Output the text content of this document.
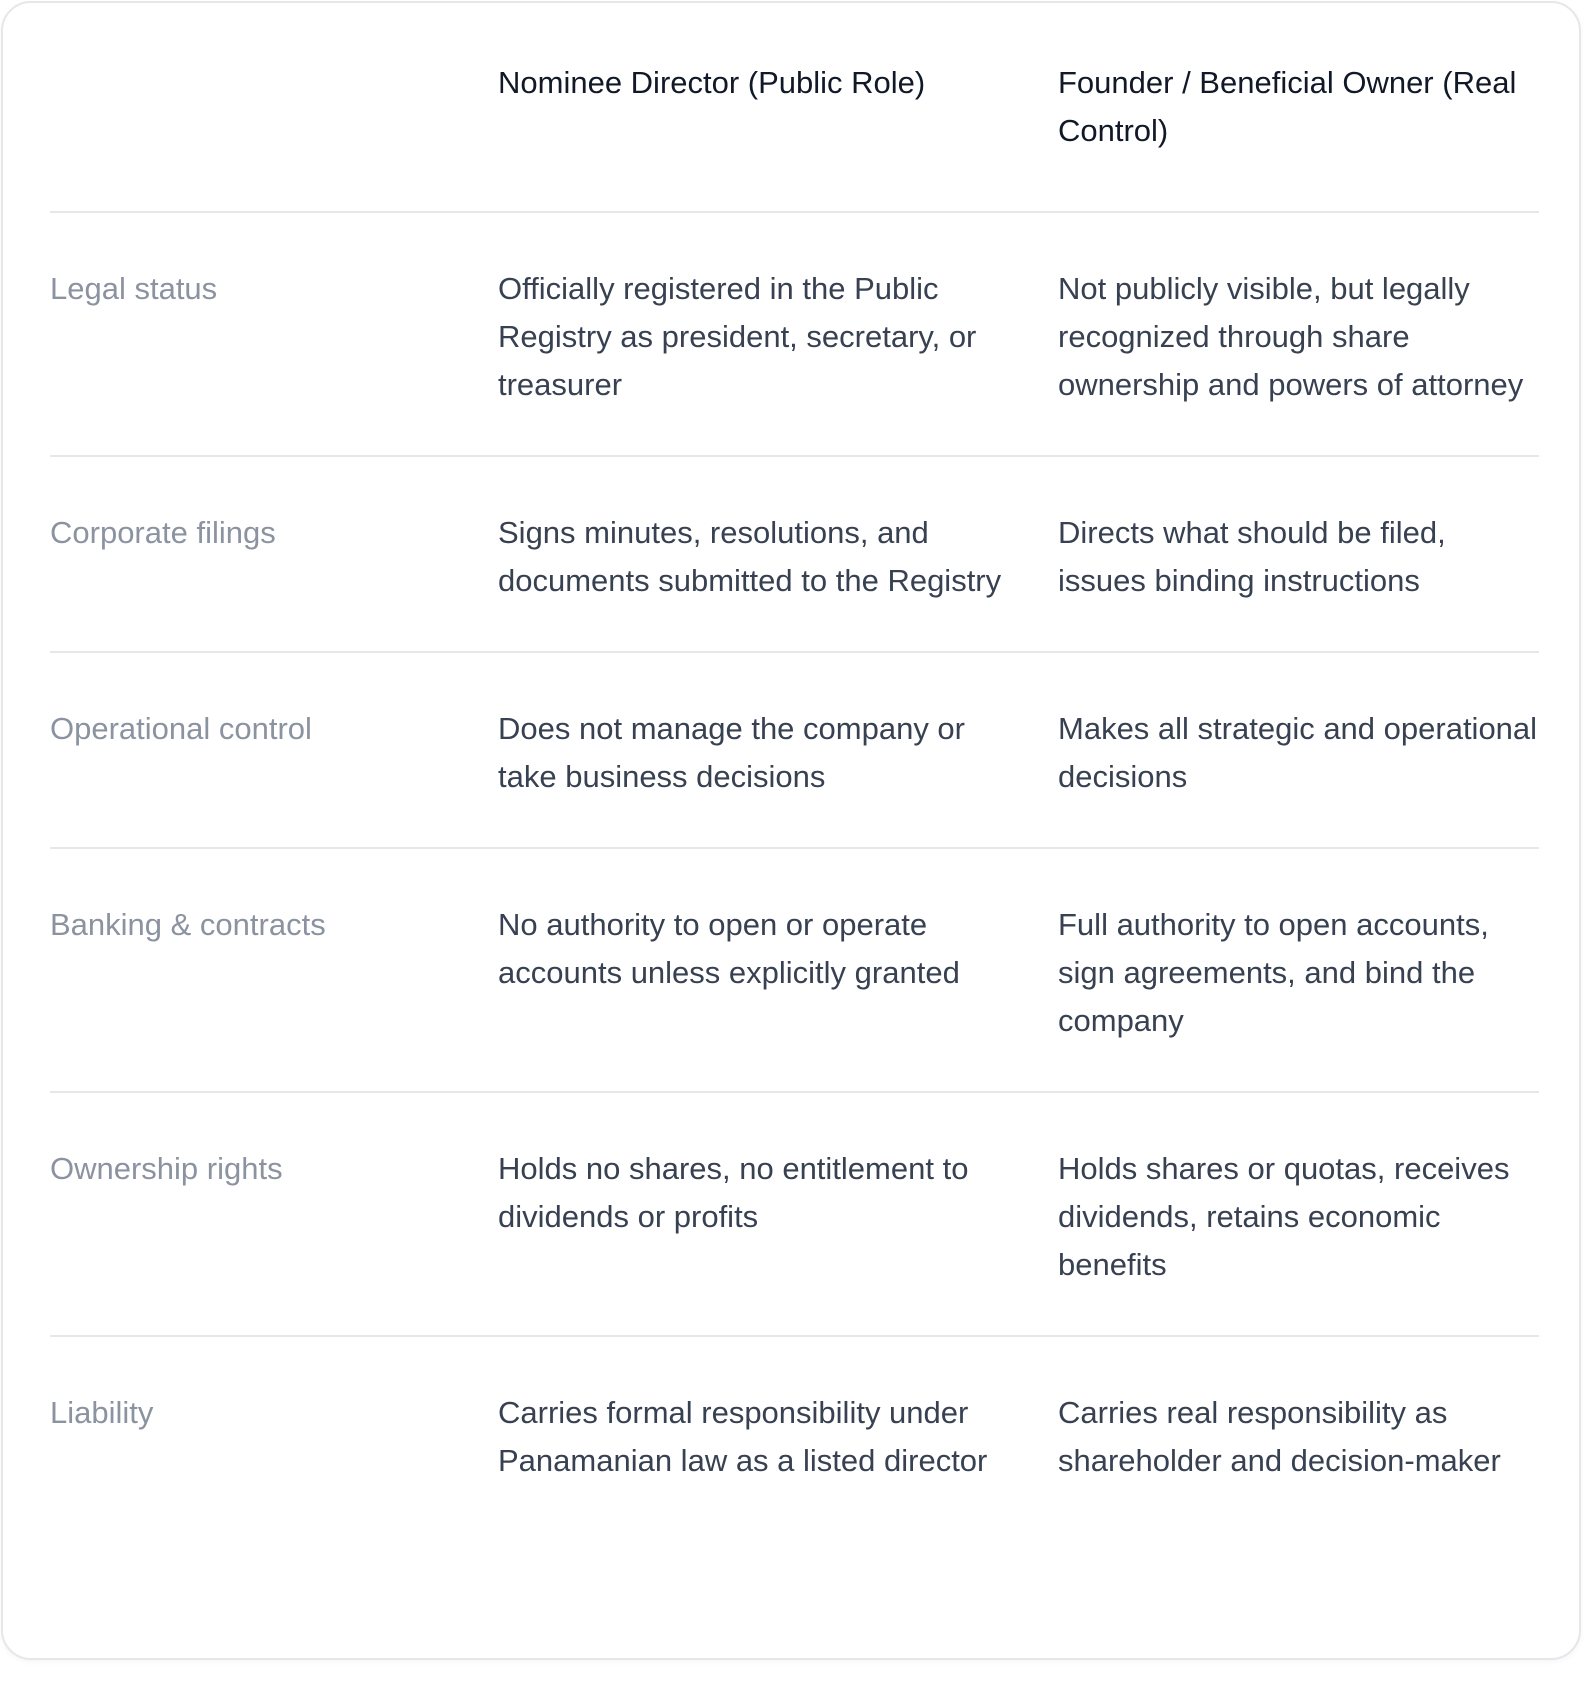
	Nominee Director (Public Role)	Founder / Beneficial Owner (Real Control)
Legal status	Officially registered in the Public Registry as president, secretary, or treasurer	Not publicly visible, but legally recognized through share ownership and powers of attorney
Corporate filings	Signs minutes, resolutions, and documents submitted to the Registry	Directs what should be filed, issues binding instructions
Operational control	Does not manage the company or take business decisions	Makes all strategic and operational decisions
Banking & contracts	No authority to open or operate accounts unless explicitly granted	Full authority to open accounts, sign agreements, and bind the company
Ownership rights	Holds no shares, no entitlement to dividends or profits	Holds shares or quotas, receives dividends, retains economic benefits
Liability	Carries formal responsibility under Panamanian law as a listed director	Carries real responsibility as shareholder and decision-maker
